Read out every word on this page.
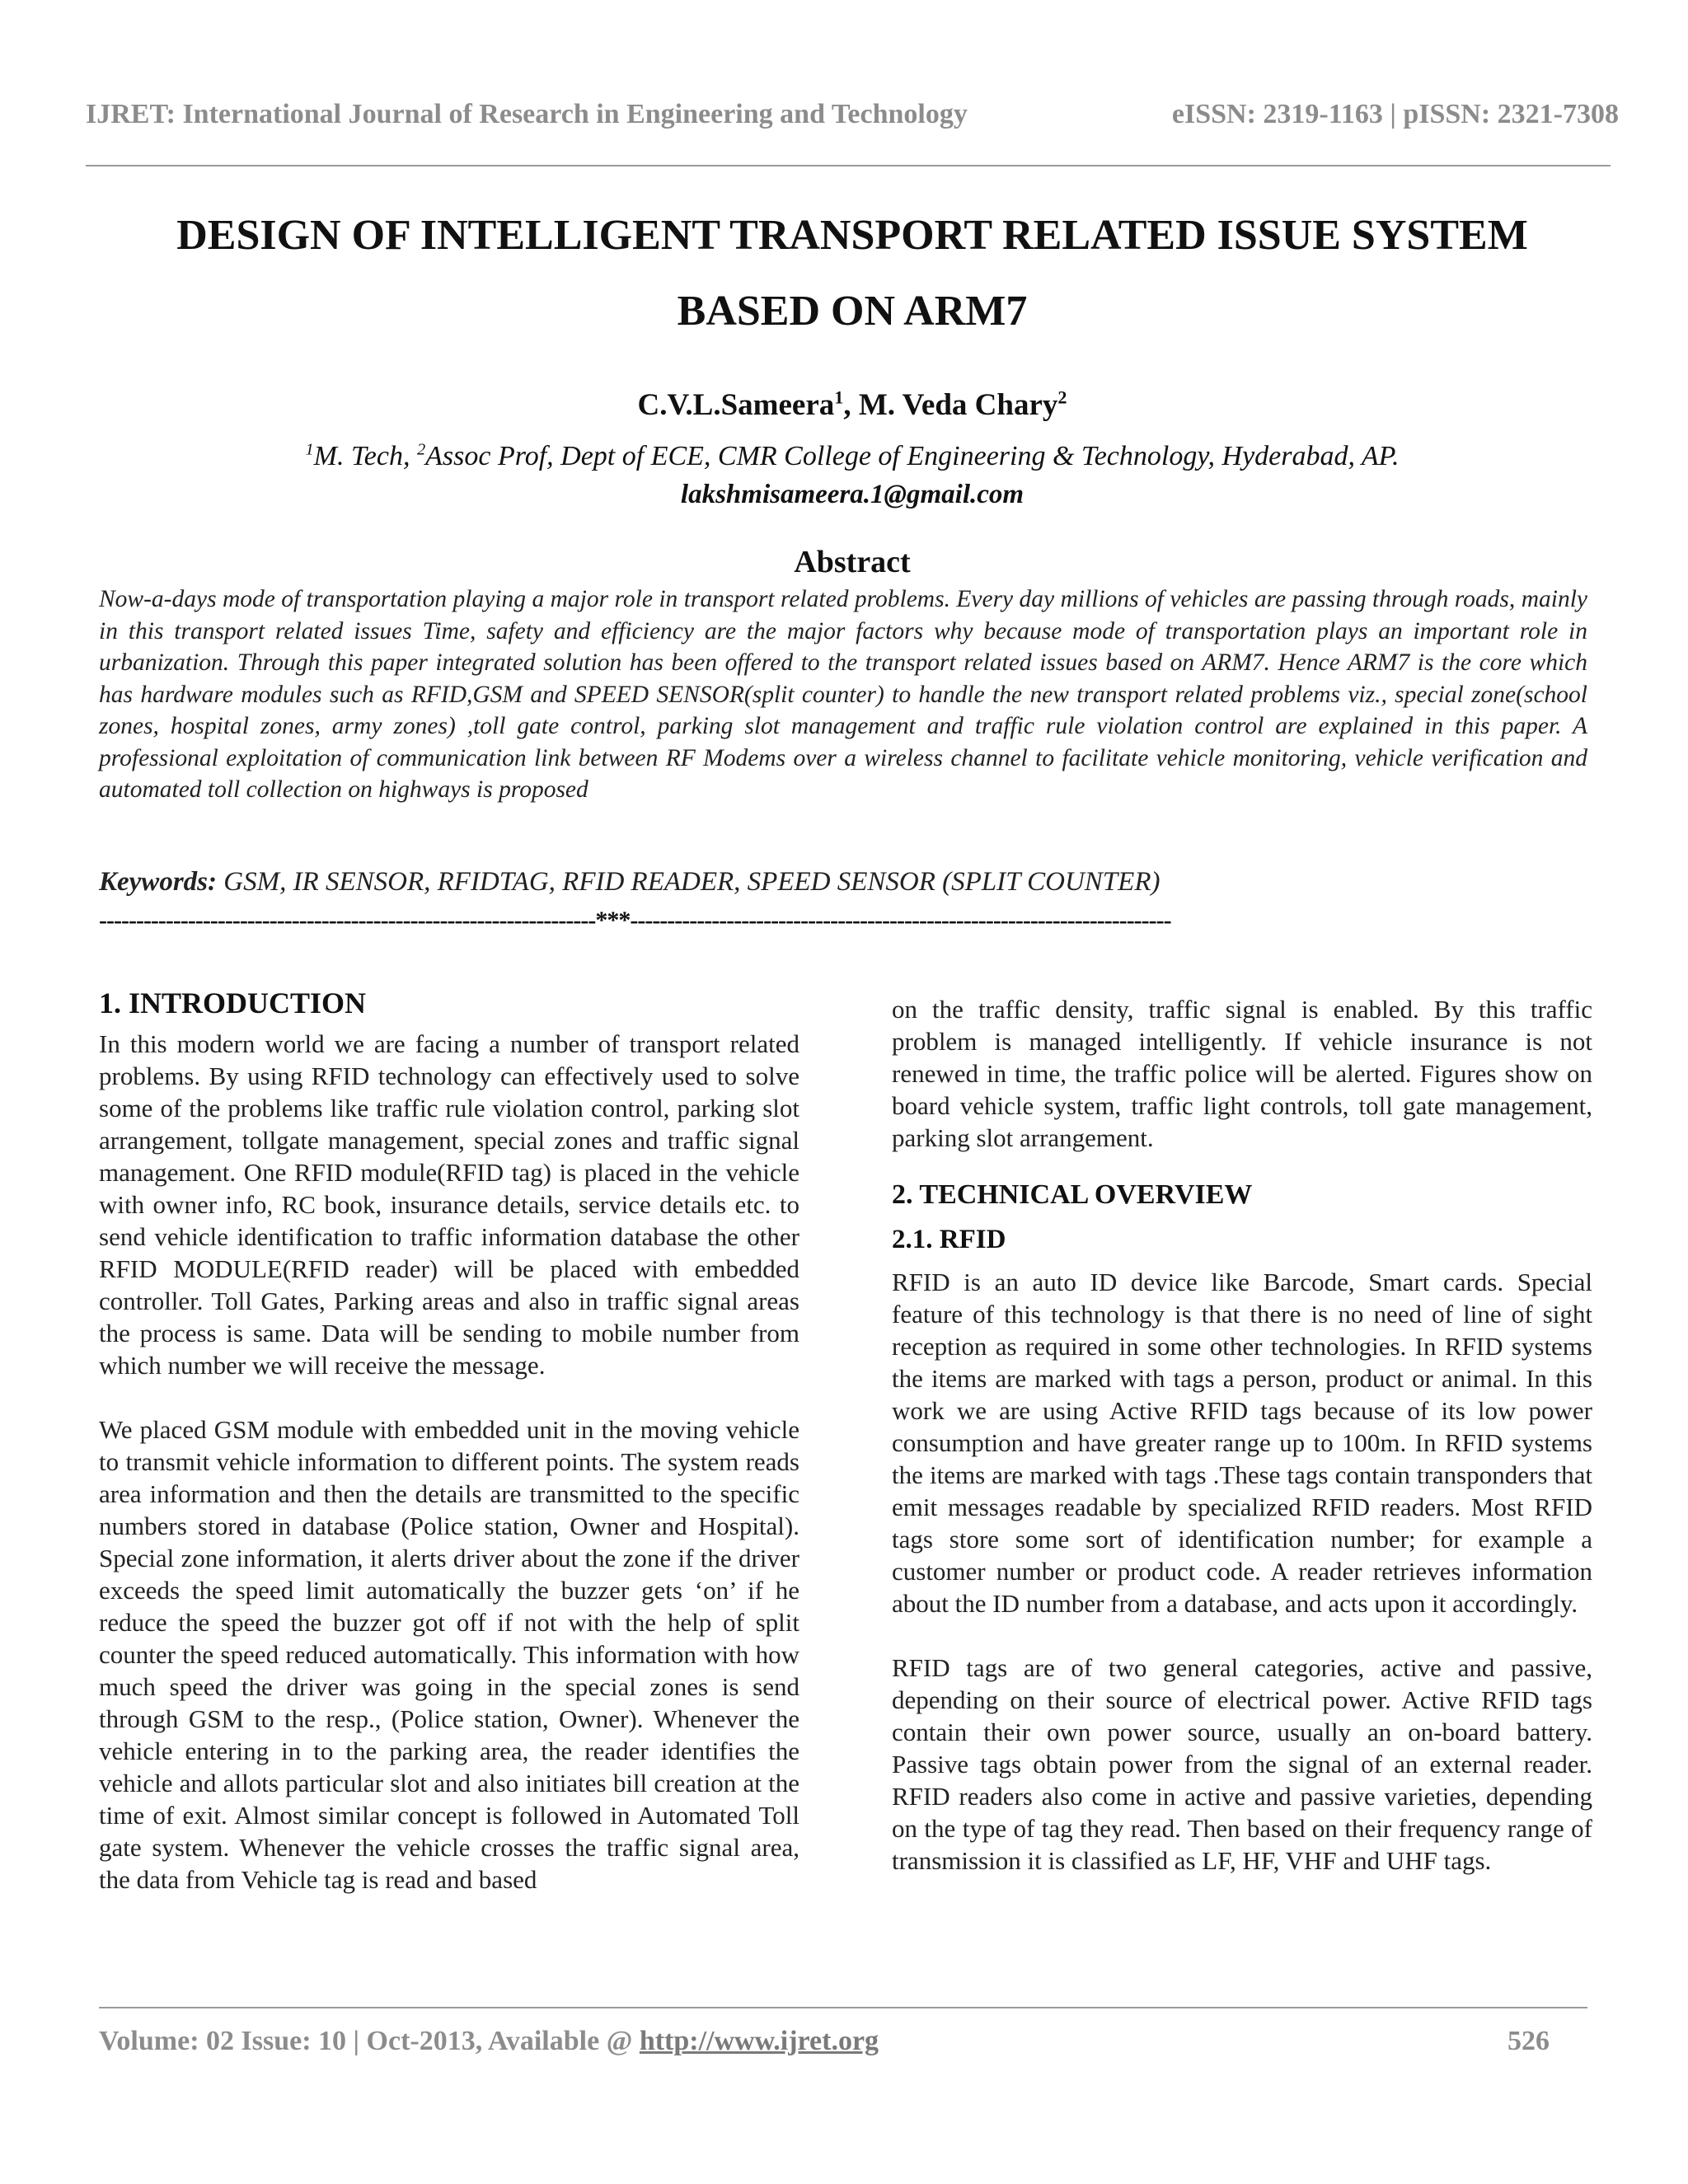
IJRET: International Journal of Research in Engineering and Technology	eISSN: 2319-1163 | pISSN: 2321-7308
DESIGN OF INTELLIGENT TRANSPORT RELATED ISSUE SYSTEM
BASED ON ARM7
C.V.L.Sameera$^1$, M. Veda Chary$^2$
$^1$M. Tech, $^2$Assoc Prof, Dept of ECE, CMR College of Engineering & Technology, Hyderabad, AP.
lakshmisameera.1@gmail.com
Abstract
Now-a-days mode of transportation playing a major role in transport related problems. Every day millions of vehicles are passing through roads, mainly in this transport related issues Time, safety and efficiency are the major factors why because mode of transportation plays an important role in urbanization. Through this paper integrated solution has been offered to the transport related issues based on ARM7. Hence ARM7 is the core which has hardware modules such as RFID,GSM and SPEED SENSOR(split counter) to handle the new transport related problems viz., special zone(school zones, hospital zones, army zones) ,toll gate control, parking slot management and traffic rule violation control are explained in this paper. A professional exploitation of communication link between RF Modems over a wireless channel to facilitate vehicle monitoring, vehicle verification and automated toll collection on highways is proposed
Keywords: GSM, IR SENSOR, RFIDTAG, RFID READER, SPEED SENSOR (SPLIT COUNTER)
-------------------------------------------------------------------***-------------------------------------------------------------------------
1. INTRODUCTION

In this modern world we are facing a number of transport related problems. By using RFID technology can effectively used to solve some of the problems like traffic rule violation control, parking slot arrangement, tollgate management, special zones and traffic signal management. One RFID module(RFID tag) is placed in the vehicle with owner info, RC book, insurance details, service details etc. to send vehicle identification to traffic information database the other RFID MODULE(RFID reader) will be placed with embedded controller. Toll Gates, Parking areas and also in traffic signal areas the process is same. Data will be sending to mobile number from which number we will receive the message.

We placed GSM module with embedded unit in the moving vehicle to transmit vehicle information to different points. The system reads area information and then the details are transmitted to the specific numbers stored in database (Police station, Owner and Hospital). Special zone information, it alerts driver about the zone if the driver exceeds the speed limit automatically the buzzer gets ‘on’ if he reduce the speed the buzzer got off if not with the help of split counter the speed reduced automatically. This information with how much speed the driver was going in the special zones is send through GSM to the resp., (Police station, Owner). Whenever the vehicle entering in to the parking area, the reader identifies the vehicle and allots particular slot and also initiates bill creation at the time of exit. Almost similar concept is followed in Automated Toll gate system. Whenever the vehicle crosses the traffic signal area, the data from Vehicle tag is read and based

on the traffic density, traffic signal is enabled. By this traffic problem is managed intelligently. If vehicle insurance is not renewed in time, the traffic police will be alerted. Figures show on board vehicle system, traffic light controls, toll gate management, parking slot arrangement.

2. TECHNICAL OVERVIEW
2.1. RFID

RFID is an auto ID device like Barcode, Smart cards. Special feature of this technology is that there is no need of line of sight reception as required in some other technologies. In RFID systems the items are marked with tags a person, product or animal. In this work we are using Active RFID tags because of its low power consumption and have greater range up to 100m. In RFID systems the items are marked with tags .These tags contain transponders that emit messages readable by specialized RFID readers. Most RFID tags store some sort of identification number; for example a customer number or product code. A reader retrieves information about the ID number from a database, and acts upon it accordingly.

RFID tags are of two general categories, active and passive, depending on their source of electrical power. Active RFID tags contain their own power source, usually an on-board battery. Passive tags obtain power from the signal of an external reader. RFID readers also come in active and passive varieties, depending on the type of tag they read. Then based on their frequency range of transmission it is classified as LF, HF, VHF and UHF tags.

Volume: 02 Issue: 10 | Oct-2013, Available @ http://www.ijret.org	526
